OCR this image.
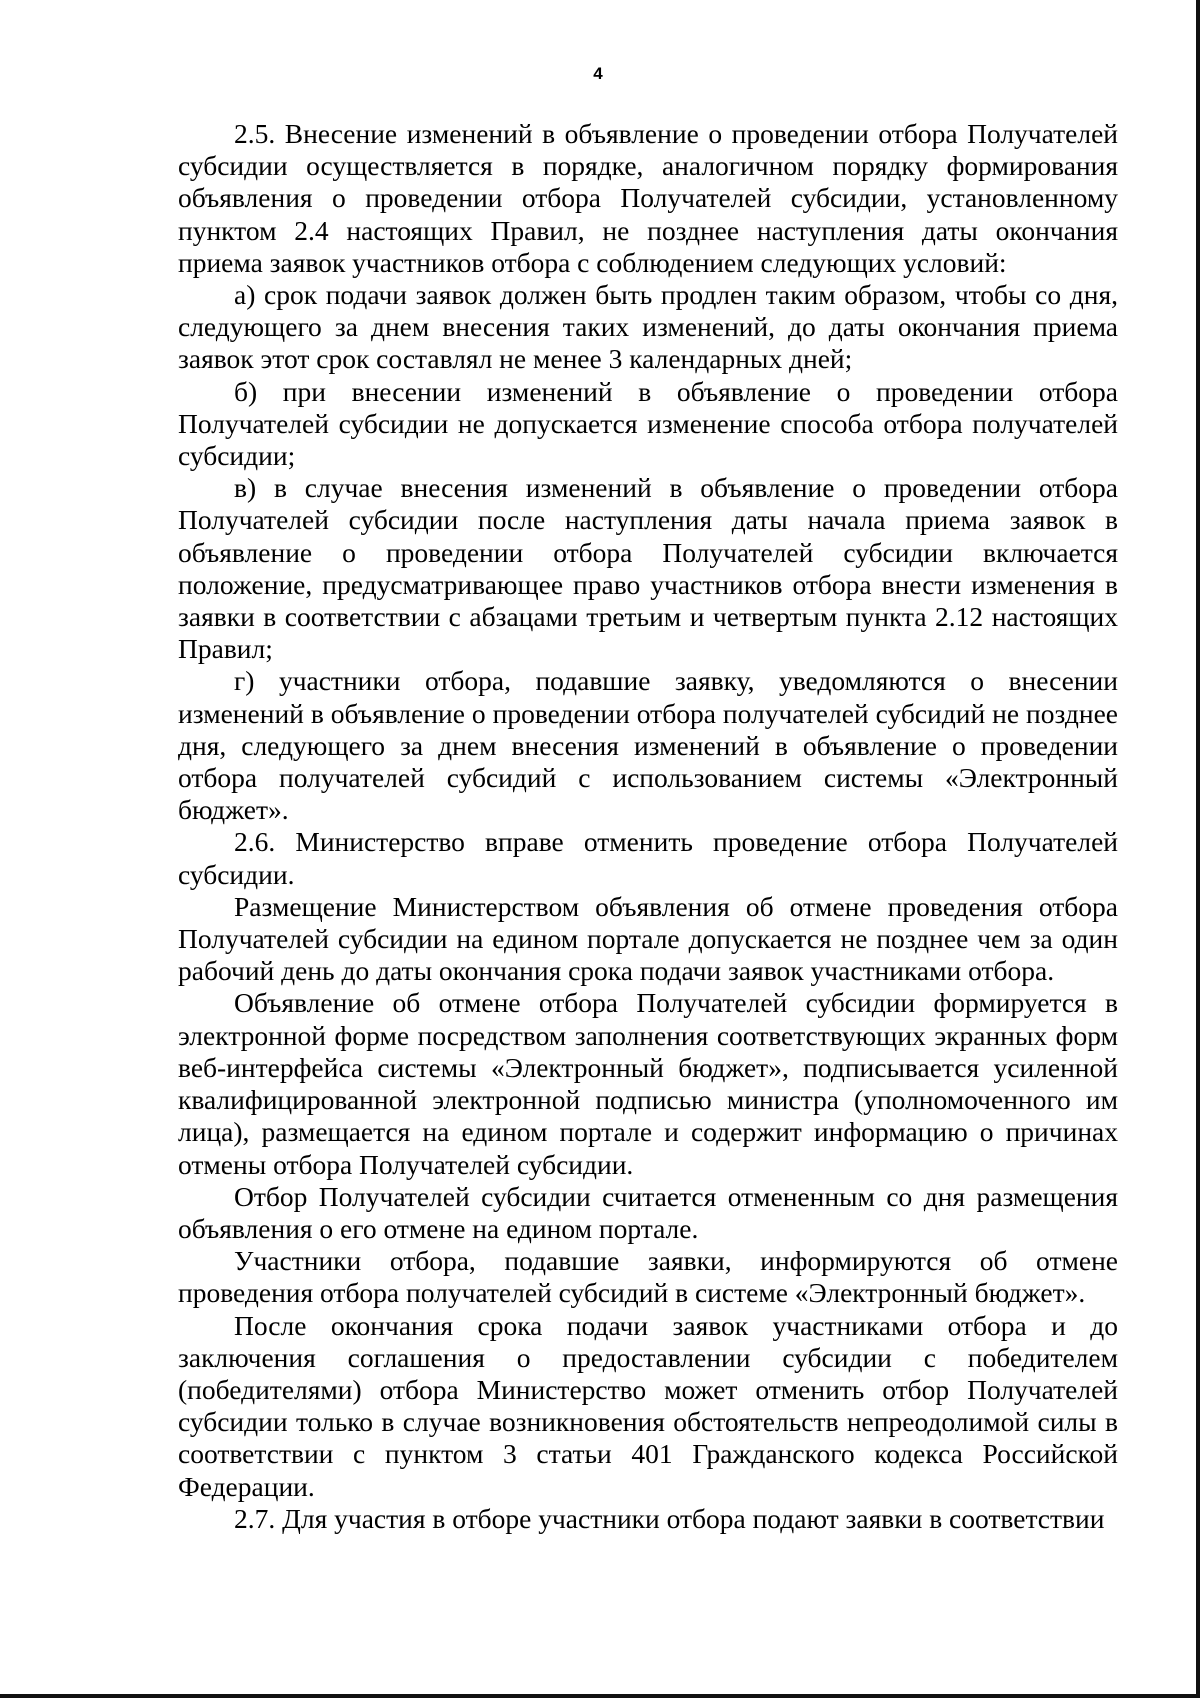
4

2.5. Внесение изменений в объявление о проведении отбора Получателей субсидии осуществляется в порядке, аналогичном порядку формирования объявления о проведении отбора Получателей субсидии, установленному пунктом 2.4 настоящих Правил, не позднее наступления даты окончания приема заявок участников отбора с соблюдением следующих условий:

а) срок подачи заявок должен быть продлен таким образом, чтобы со дня, следующего за днем внесения таких изменений, до даты окончания приема заявок этот срок составлял не менее 3 календарных дней;

б) при внесении изменений в объявление о проведении отбора Получателей субсидии не допускается изменение способа отбора получателей субсидии;

в) в случае внесения изменений в объявление о проведении отбора Получателей субсидии после наступления даты начала приема заявок в объявление о проведении отбора Получателей субсидии включается положение, предусматривающее право участников отбора внести изменения в заявки в соответствии с абзацами третьим и четвертым пункта 2.12 настоящих Правил;

г) участники отбора, подавшие заявку, уведомляются о внесении изменений в объявление о проведении отбора получателей субсидий не позднее дня, следующего за днем внесения изменений в объявление о проведении отбора получателей субсидий с использованием системы «Электронный бюджет».

2.6. Министерство вправе отменить проведение отбора Получателей субсидии.

Размещение Министерством объявления об отмене проведения отбора Получателей субсидии на едином портале допускается не позднее чем за один рабочий день до даты окончания срока подачи заявок участниками отбора.

Объявление об отмене отбора Получателей субсидии формируется в электронной форме посредством заполнения соответствующих экранных форм веб-интерфейса системы «Электронный бюджет», подписывается усиленной квалифицированной электронной подписью министра (уполномоченного им лица), размещается на едином портале и содержит информацию о причинах отмены отбора Получателей субсидии.

Отбор Получателей субсидии считается отмененным со дня размещения объявления о его отмене на едином портале.

Участники отбора, подавшие заявки, информируются об отмене проведения отбора получателей субсидий в системе «Электронный бюджет».

После окончания срока подачи заявок участниками отбора и до заключения соглашения о предоставлении субсидии с победителем (победителями) отбора Министерство может отменить отбор Получателей субсидии только в случае возникновения обстоятельств непреодолимой силы в соответствии с пунктом 3 статьи 401 Гражданского кодекса Российской Федерации.

2.7. Для участия в отборе участники отбора подают заявки в соответствии
